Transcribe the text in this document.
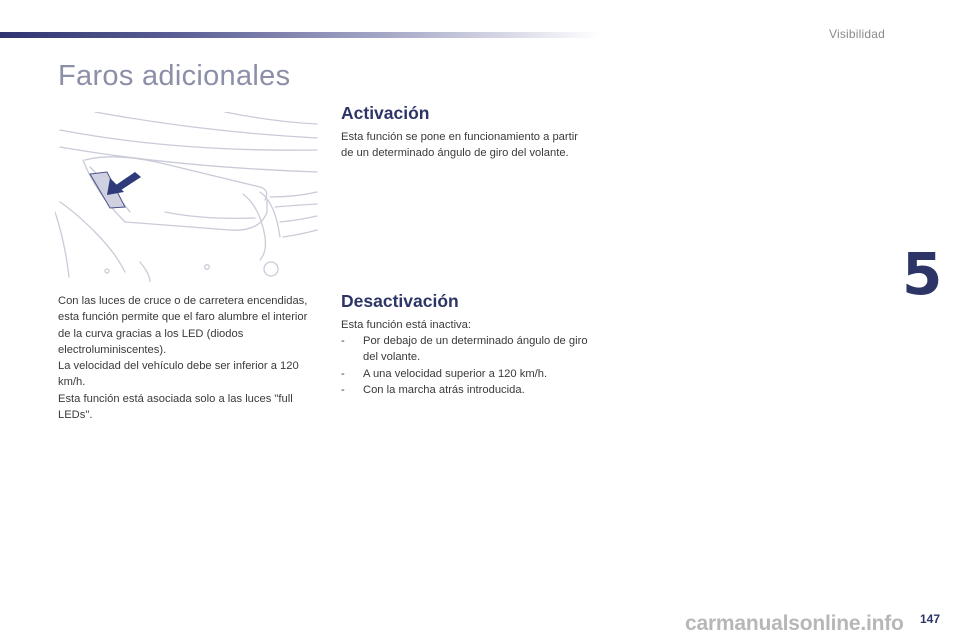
Visibilidad
Faros adicionales

Con las luces de cruce o de carretera encendidas, esta función permite que el faro alumbre el interior de la curva gracias a los LED (diodos electroluminiscentes).

La velocidad del vehículo debe ser inferior a 120 km/h.

Esta función está asociada solo a las luces "full LEDs".

Activación

Esta función se pone en funcionamiento a partir de un determinado ángulo de giro del volante.

Desactivación

Esta función está inactiva:

- Por debajo de un determinado ángulo de giro del volante.
- A una velocidad superior a 120 km/h.
- Con la marcha atrás introducida.
5
carmanualsonline.info 147
